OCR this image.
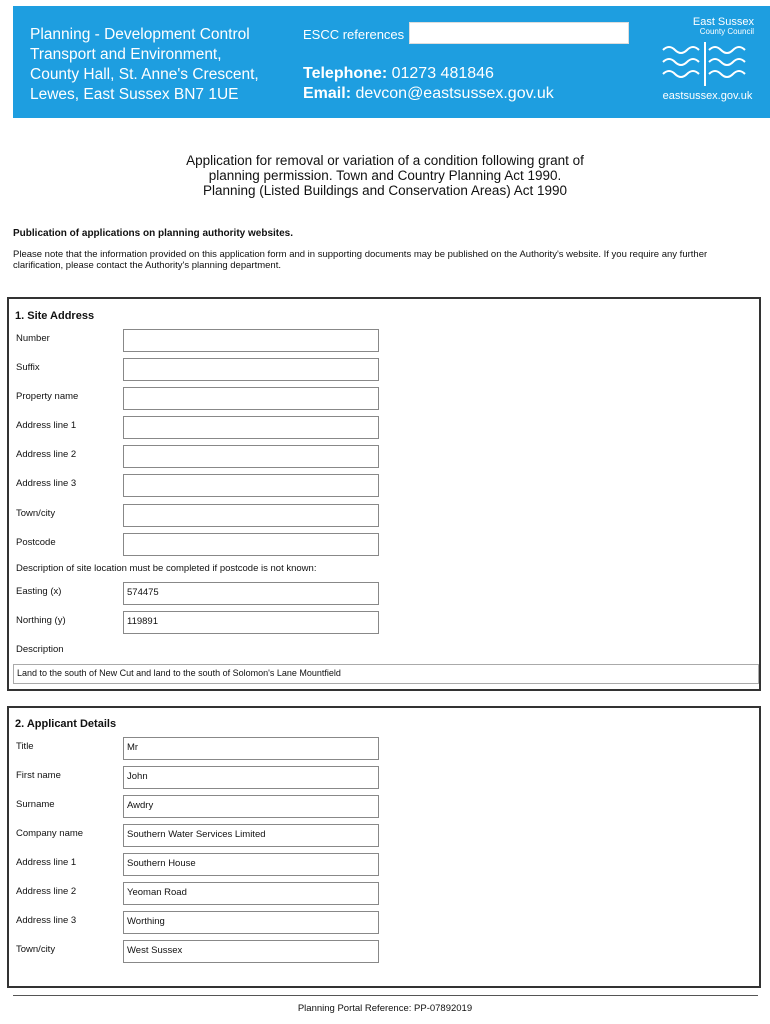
Planning - Development Control
Transport and Environment,
County Hall, St. Anne's Crescent,
Lewes, East Sussex BN7 1UE
ESCC references
Telephone: 01273 481846
Email: devcon@eastsussex.gov.uk
East Sussex
County Council
eastsussex.gov.uk
Application for removal or variation of a condition following grant of
planning permission. Town and Country Planning Act 1990.
Planning (Listed Buildings and Conservation Areas) Act 1990
Publication of applications on planning authority websites.
Please note that the information provided on this application form and in supporting documents may be published on the Authority's website. If you require any further clarification, please contact the Authority's planning department.
1. Site Address
Number
Suffix
Property name
Address line 1
Address line 2
Address line 3
Town/city
Postcode
Description of site location must be completed if postcode is not known:
Easting (x)	574475
Northing (y)	119891
Description
Land to the south of New Cut and land to the south of Solomon's Lane Mountfield
2. Applicant Details
Title	Mr
First name	John
Surname	Awdry
Company name	Southern Water Services Limited
Address line 1	Southern House
Address line 2	Yeoman Road
Address line 3	Worthing
Town/city	West Sussex
Planning Portal Reference: PP-07892019
